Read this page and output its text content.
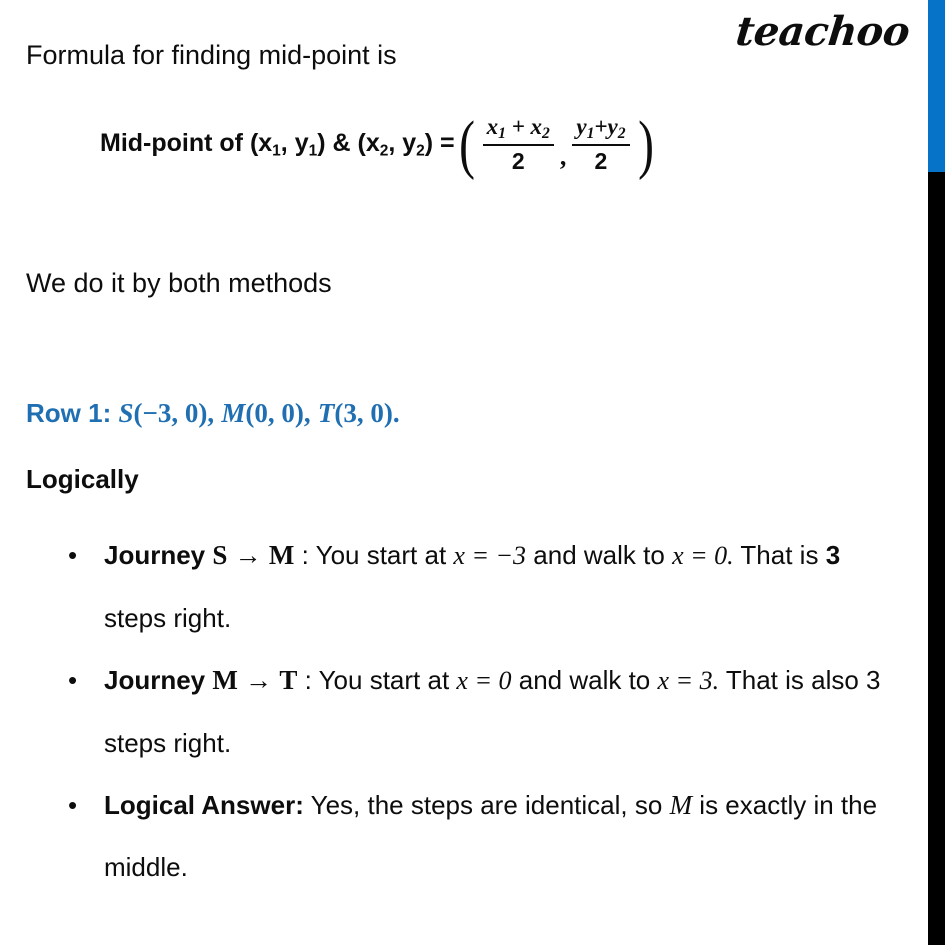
teachoo
Formula for finding mid-point is
Mid-point of ($x_1$, $y_1$) & ($x_2$, $y_2$) = ( $\frac{x_1 + x_2}{2}$ , $\frac{y_1+y_2}{2}$ )
We do it by both methods
Row 1: S(−3, 0), M(0, 0), T(3, 0).
Logically
• Journey S → M : You start at x = −3 and walk to x = 0. That is 3 steps right.
• Journey M → T : You start at x = 0 and walk to x = 3. That is also 3 steps right.
• Logical Answer: Yes, the steps are identical, so M is exactly in the middle.
